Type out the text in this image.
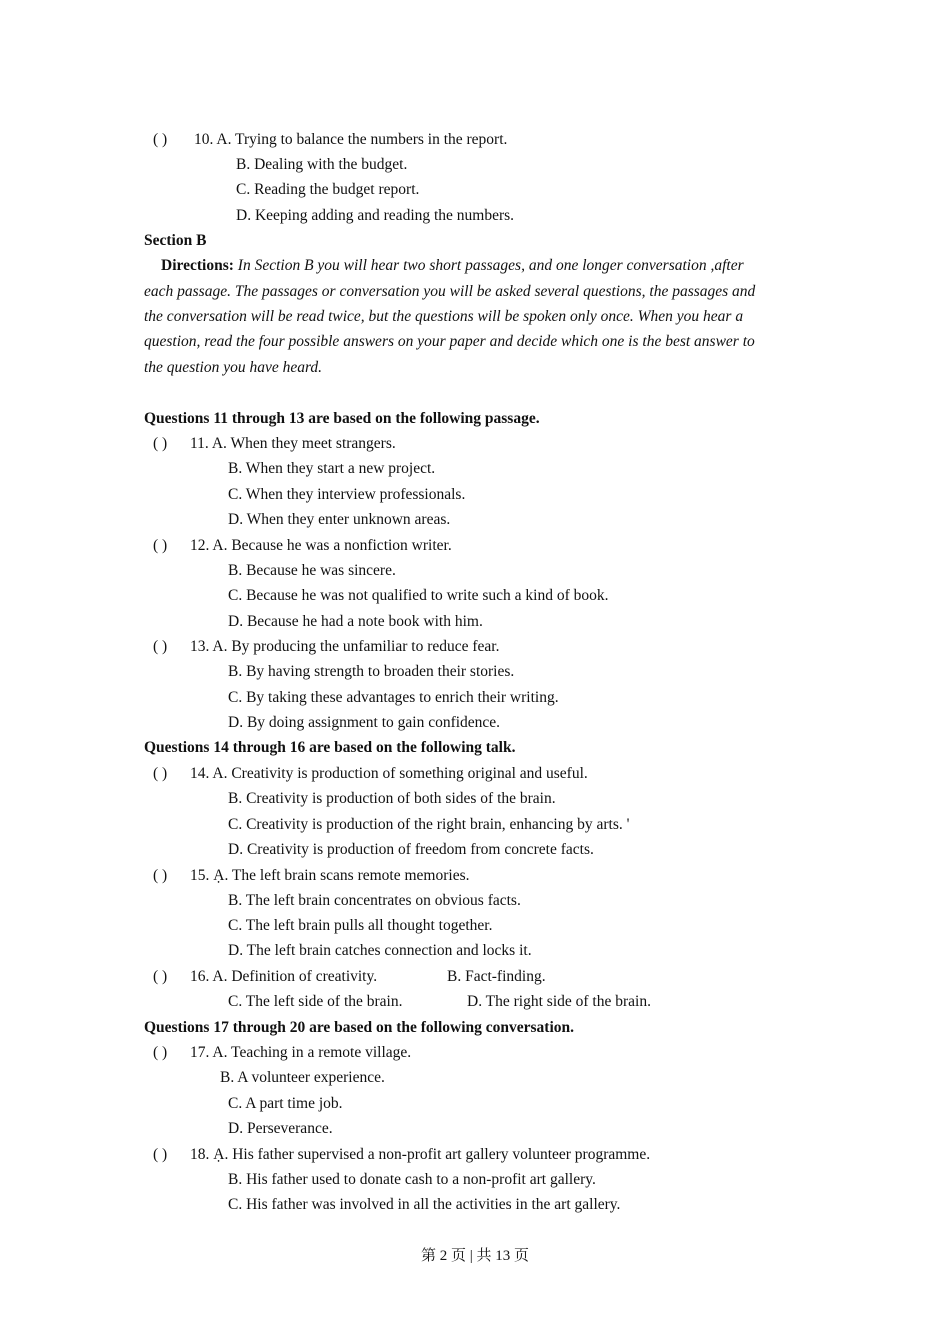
( ) 10. A. Trying to balance the numbers in the report.
B. Dealing with the budget.
C. Reading the budget report.
D. Keeping adding and reading the numbers.
Section B
Directions: In Section B you will hear two short passages, and one longer conversation ,after
each passage. The passages or conversation you will be asked several questions, the passages and
the conversation will be read twice, but the questions will be spoken only once. When you hear a
question, read the four possible answers on your paper and decide which one is the best answer to
the question you have heard.
Questions 11 through 13 are based on the following passage.
( ) 11. A. When they meet strangers.
B. When they start a new project.
C. When they interview professionals.
D. When they enter unknown areas.
( ) 12. A. Because he was a nonfiction writer.
B. Because he was sincere.
C. Because he was not qualified to write such a kind of book.
D. Because he had a note book with him.
( ) 13. A. By producing the unfamiliar to reduce fear.
B. By having strength to broaden their stories.
C. By taking these advantages to enrich their writing.
D. By doing assignment to gain confidence.
Questions 14 through 16 are based on the following talk.
( ) 14. A. Creativity is production of something original and useful.
B. Creativity is production of both sides of the brain.
C. Creativity is production of the right brain, enhancing by arts. '
D. Creativity is production of freedom from concrete facts.
( ) 15. Ạ. The left brain scans remote memories.
B. The left brain concentrates on obvious facts.
C. The left brain pulls all thought together.
D. The left brain catches connection and locks it.
( ) 16. A. Definition of creativity.	B. Fact-finding.
C. The left side of the brain.	D. The right side of the brain.
Questions 17 through 20 are based on the following conversation.
( ) 17. A. Teaching in a remote village.
B. A volunteer experience.
C. A part time job.
D. Perseverance.
( ) 18. Ạ. His father supervised a non-profit art gallery volunteer programme.
B. His father used to donate cash to a non-profit art gallery.
C. His father was involved in all the activities in the art gallery.
第 2 页 | 共 13 页
